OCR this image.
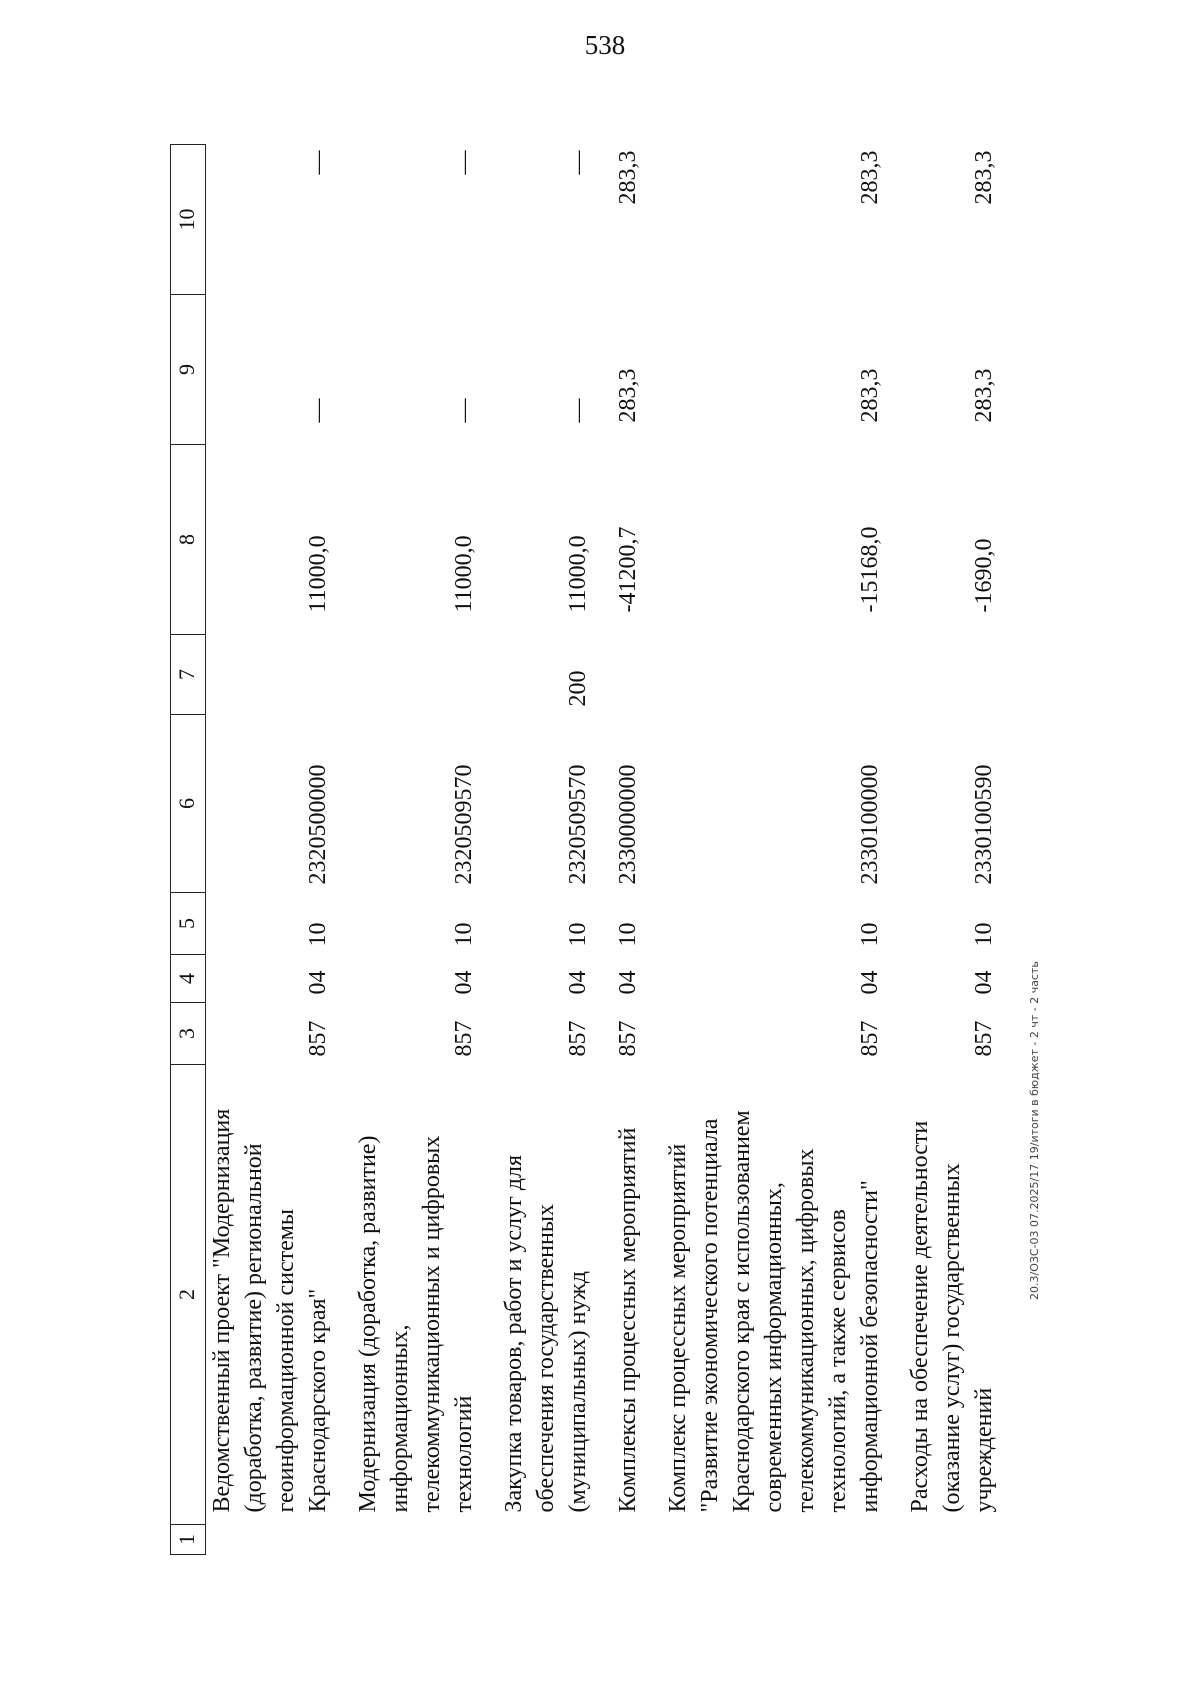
538
1	2	3	4	5	6	7	8	9	10
	Ведомственный проект "Модернизация (доработка, развитие) региональной геоинформационной системы Краснодарского края"	857	04	10	2320500000		11000,0	—	—

	Модернизация (доработка, развитие) информационных, телекоммуникационных и цифровых технологий	857	04	10	2320509570		11000,0	—	—

	Закупка товаров, работ и услуг для обеспечения государственных (муниципальных) нужд	857	04	10	2320509570	200	11000,0	—	—

	Комплексы процессных мероприятий	857	04	10	2330000000		-41200,7	283,3	283,3

	Комплекс процессных мероприятий "Развитие экономического потенциала Краснодарского края с использованием современных информационных, телекоммуникационных, цифровых технологий, а также сервисов информационной безопасности"	857	04	10	2330100000		-15168,0	283,3	283,3

	Расходы на обеспечение деятельности (оказание услуг) государственных учреждений	857	04	10	2330100590		-1690,0	283,3	283,3
20.3/ОЗС-03 07.2025/17 19/итоги в бюджет - 2 чт - 2 часть
